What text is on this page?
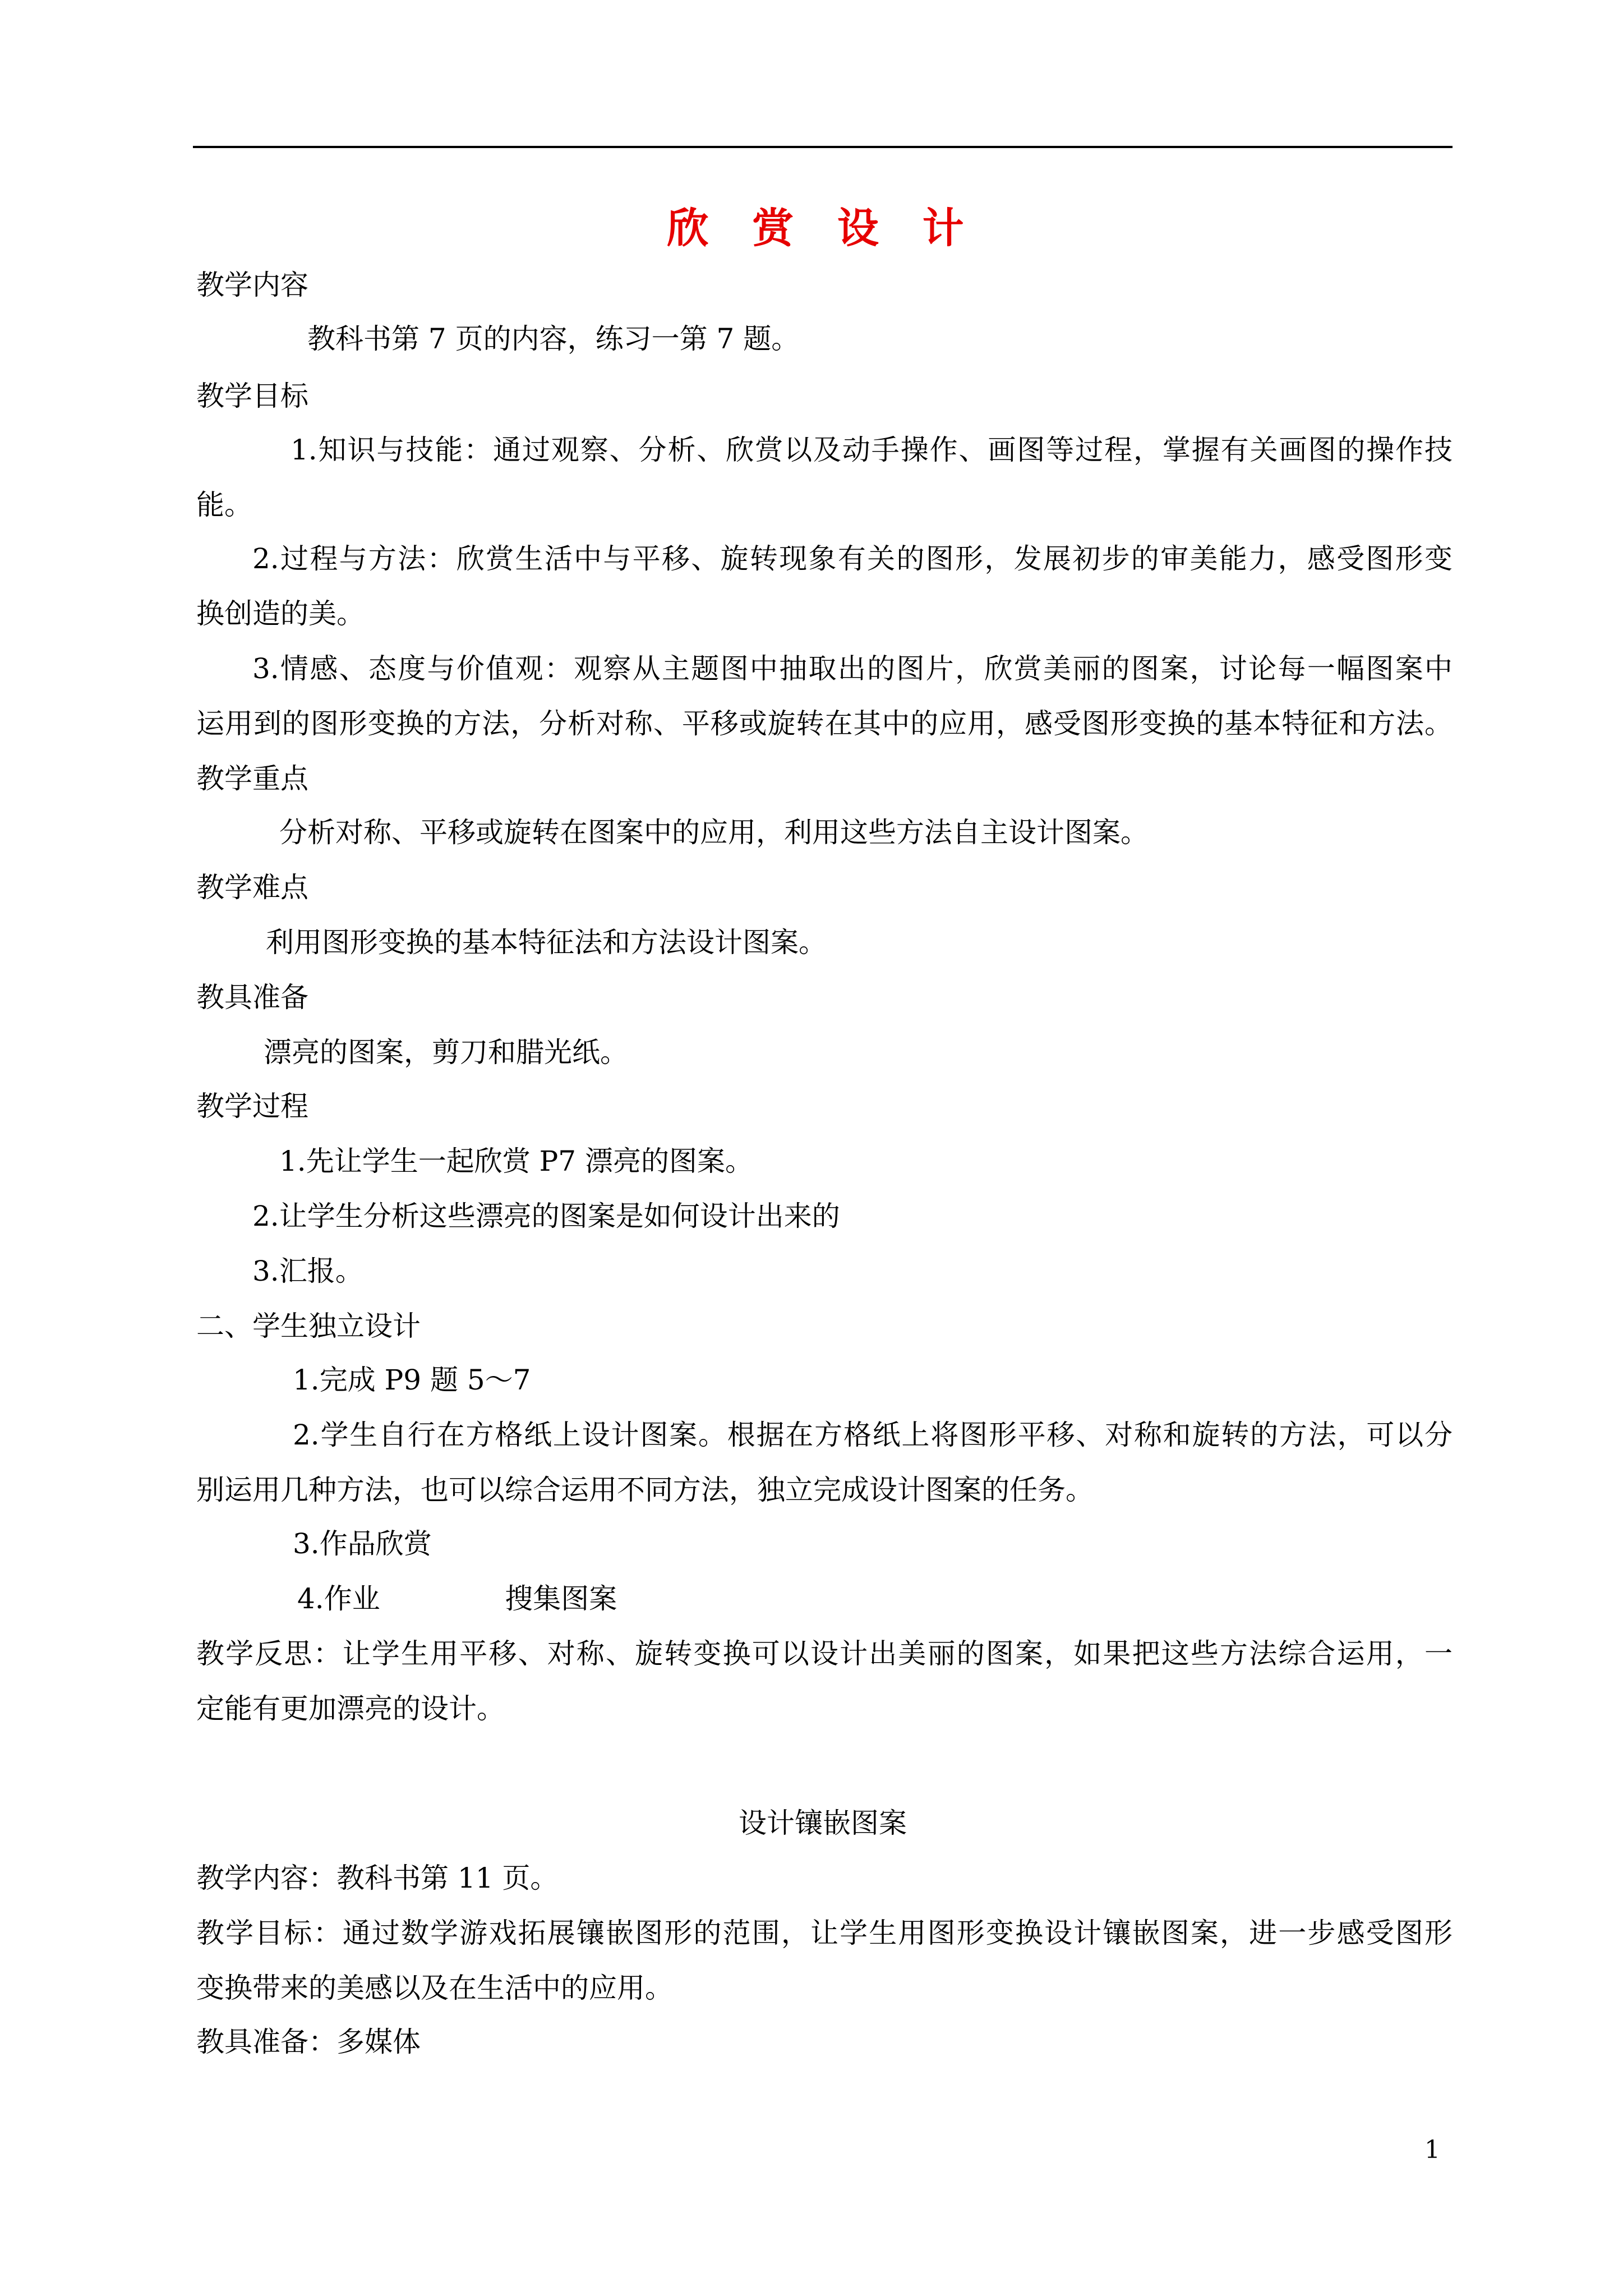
欣 赏 设 计
教学内容
教科书第 7 页的内容，练习一第 7 题。
教学目标
1.知识与技能：通过观察、分析、欣赏以及动手操作、画图等过程，掌握有关画图的操作技
能。
2.过程与方法：欣赏生活中与平移、旋转现象有关的图形，发展初步的审美能力，感受图形变
换创造的美。
3.情感、态度与价值观：观察从主题图中抽取出的图片，欣赏美丽的图案，讨论每一幅图案中
运用到的图形变换的方法，分析对称、平移或旋转在其中的应用，感受图形变换的基本特征和方法。
教学重点
分析对称、平移或旋转在图案中的应用，利用这些方法自主设计图案。
教学难点
利用图形变换的基本特征法和方法设计图案。
教具准备
漂亮的图案，剪刀和腊光纸。
教学过程
1.先让学生一起欣赏 P7 漂亮的图案。
2.让学生分析这些漂亮的图案是如何设计出来的
3.汇报。
二、学生独立设计
1.完成 P9 题 5～7
2.学生自行在方格纸上设计图案。根据在方格纸上将图形平移、对称和旋转的方法，可以分
别运用几种方法，也可以综合运用不同方法，独立完成设计图案的任务。
3.作品欣赏
4.作业              搜集图案
教学反思：让学生用平移、对称、旋转变换可以设计出美丽的图案，如果把这些方法综合运用，一
定能有更加漂亮的设计。
设计镶嵌图案
教学内容：教科书第 11 页。
教学目标：通过数学游戏拓展镶嵌图形的范围，让学生用图形变换设计镶嵌图案，进一步感受图形
变换带来的美感以及在生活中的应用。
教具准备：多媒体
1
